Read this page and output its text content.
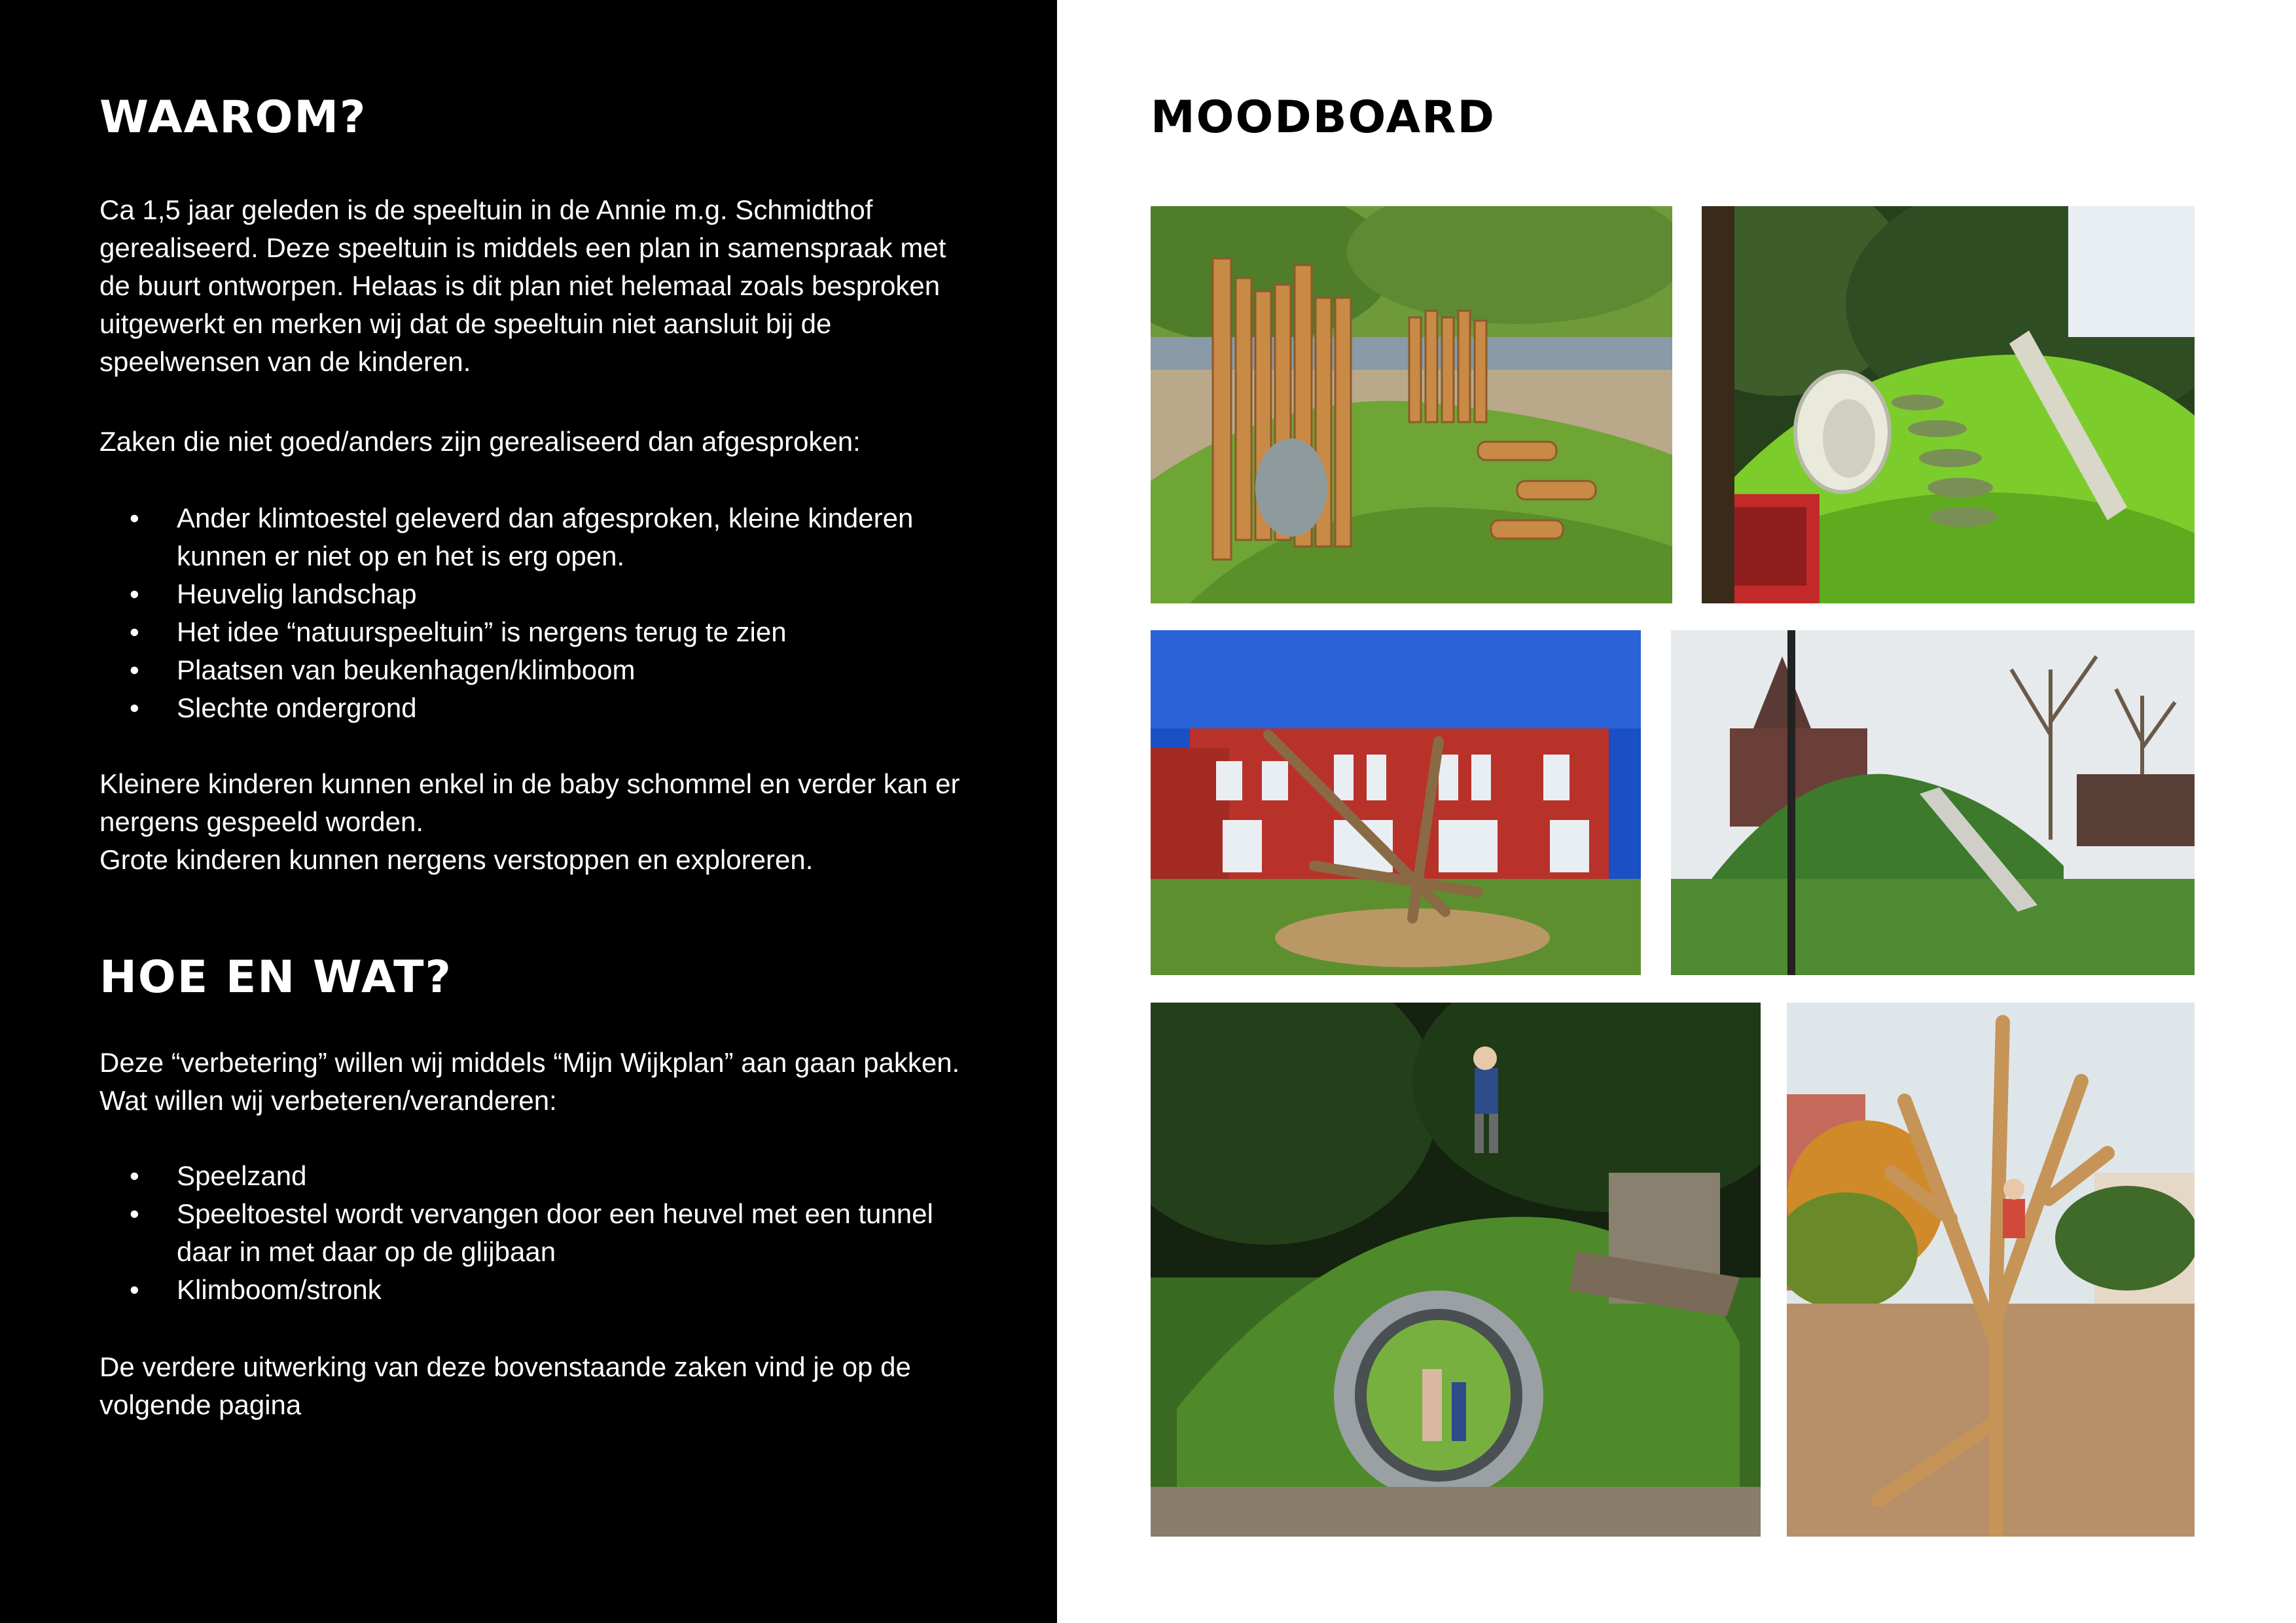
WAAROM?

Ca 1,5 jaar geleden is de speeltuin in de Annie m.g. Schmidthof gerealiseerd. Deze speeltuin is middels een plan in samenspraak met de buurt ontworpen. Helaas is dit plan niet helemaal zoals besproken uitgewerkt en merken wij dat de speeltuin niet aansluit bij de speelwensen van de kinderen.

Zaken die niet goed/anders zijn gerealiseerd dan afgesproken:

• Ander klimtoestel geleverd dan afgesproken, kleine kinderen kunnen er niet op en het is erg open.
• Heuvelig landschap
• Het idee “natuurspeeltuin” is nergens terug te zien
• Plaatsen van beukenhagen/klimboom
• Slechte ondergrond

Kleinere kinderen kunnen enkel in de baby schommel en verder kan er nergens gespeeld worden.

Grote kinderen kunnen nergens verstoppen en exploreren.

HOE EN WAT?

Deze “verbetering” willen wij middels “Mijn Wijkplan” aan gaan pakken. Wat willen wij verbeteren/veranderen:

• Speelzand
• Speeltoestel wordt vervangen door een heuvel met een tunnel daar in met daar op de glijbaan
• Klimboom/stronk

De verdere uitwerking van deze bovenstaande zaken vind je op de volgende pagina

MOODBOARD
